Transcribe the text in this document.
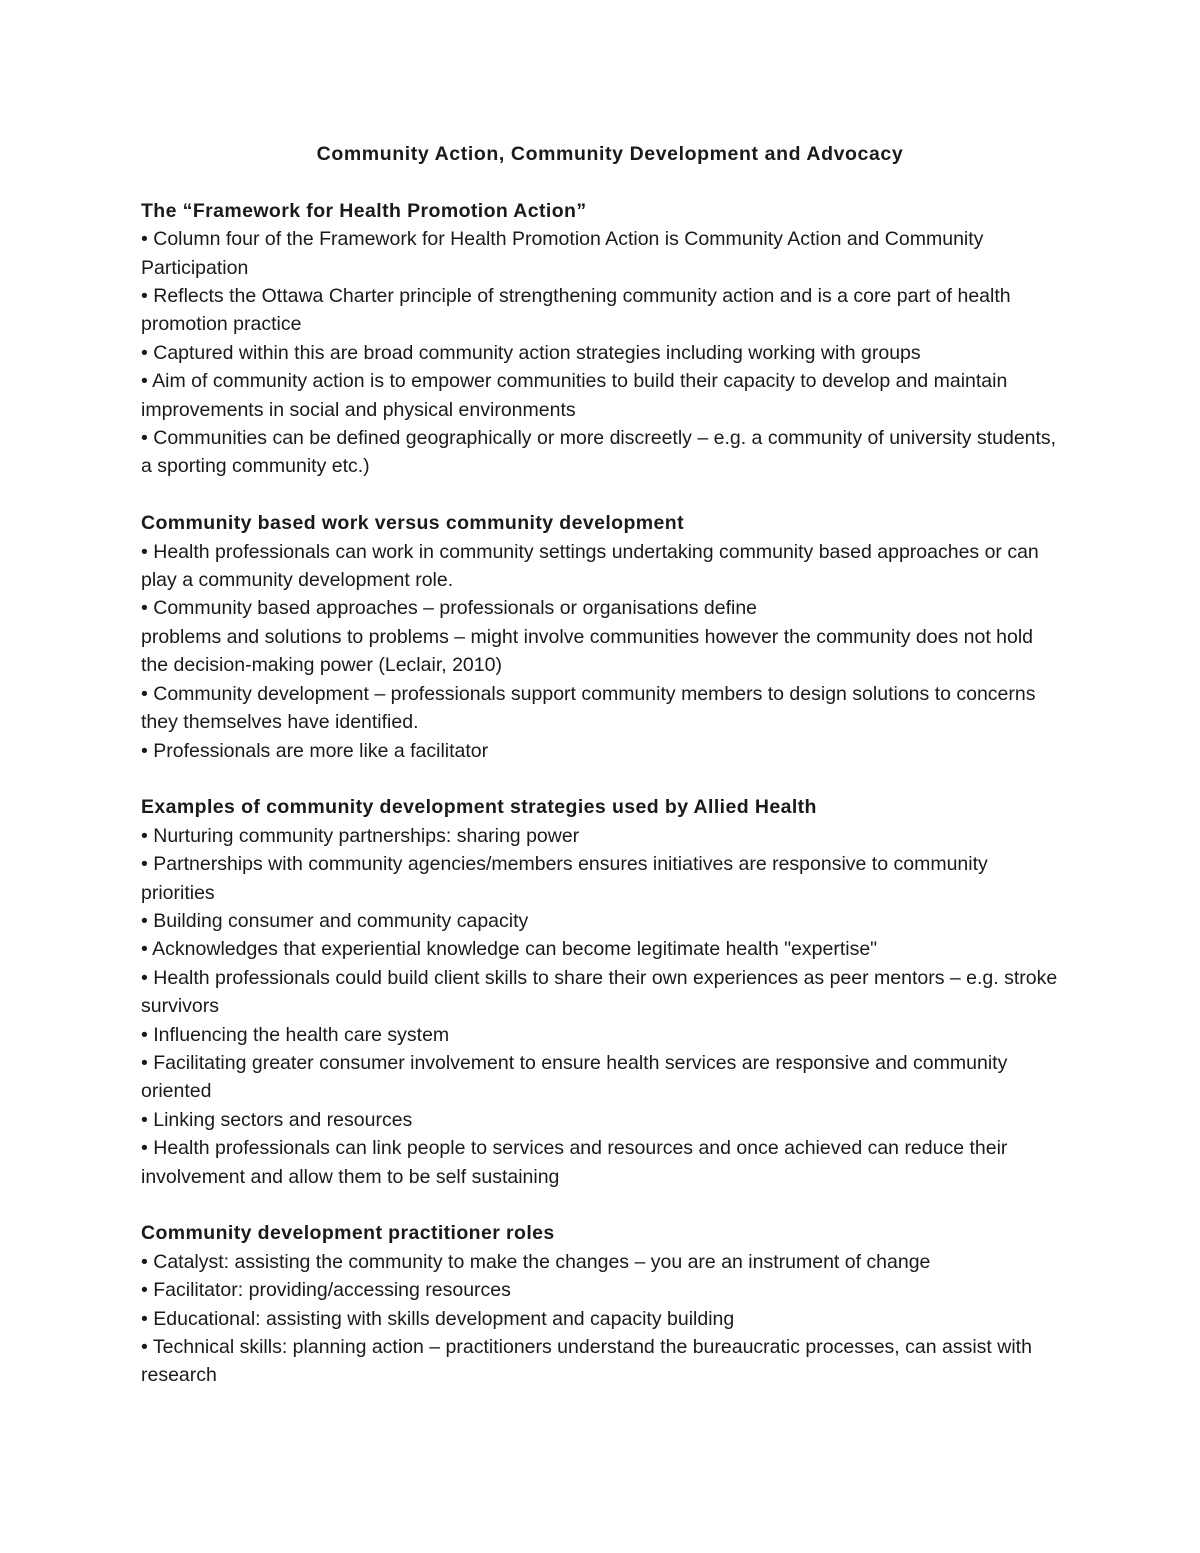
Community Action, Community Development and Advocacy

The “Framework for Health Promotion Action”

• Column four of the Framework for Health Promotion Action is Community Action and Community Participation
• Reflects the Ottawa Charter principle of strengthening community action and is a core part of health promotion practice
• Captured within this are broad community action strategies including working with groups
• Aim of community action is to empower communities to build their capacity to develop and maintain improvements in social and physical environments
• Communities can be defined geographically or more discreetly – e.g. a community of university students, a sporting community etc.)

Community based work versus community development

• Health professionals can work in community settings undertaking community based approaches or can play a community development role.
• Community based approaches – professionals or organisations define
problems and solutions to problems – might involve communities however the community does not hold the decision-making power (Leclair, 2010)
• Community development – professionals support community members to design solutions to concerns they themselves have identified.
• Professionals are more like a facilitator

Examples of community development strategies used by Allied Health

• Nurturing community partnerships: sharing power
• Partnerships with community agencies/members ensures initiatives are responsive to community priorities
• Building consumer and community capacity
• Acknowledges that experiential knowledge can become legitimate health "expertise"
• Health professionals could build client skills to share their own experiences as peer mentors – e.g. stroke survivors
• Influencing the health care system
• Facilitating greater consumer involvement to ensure health services are responsive and community oriented
• Linking sectors and resources
• Health professionals can link people to services and resources and once achieved can reduce their involvement and allow them to be self sustaining

Community development practitioner roles

• Catalyst: assisting the community to make the changes – you are an instrument of change
• Facilitator: providing/accessing resources
• Educational: assisting with skills development and capacity building
• Technical skills: planning action – practitioners understand the bureaucratic processes, can assist with research
